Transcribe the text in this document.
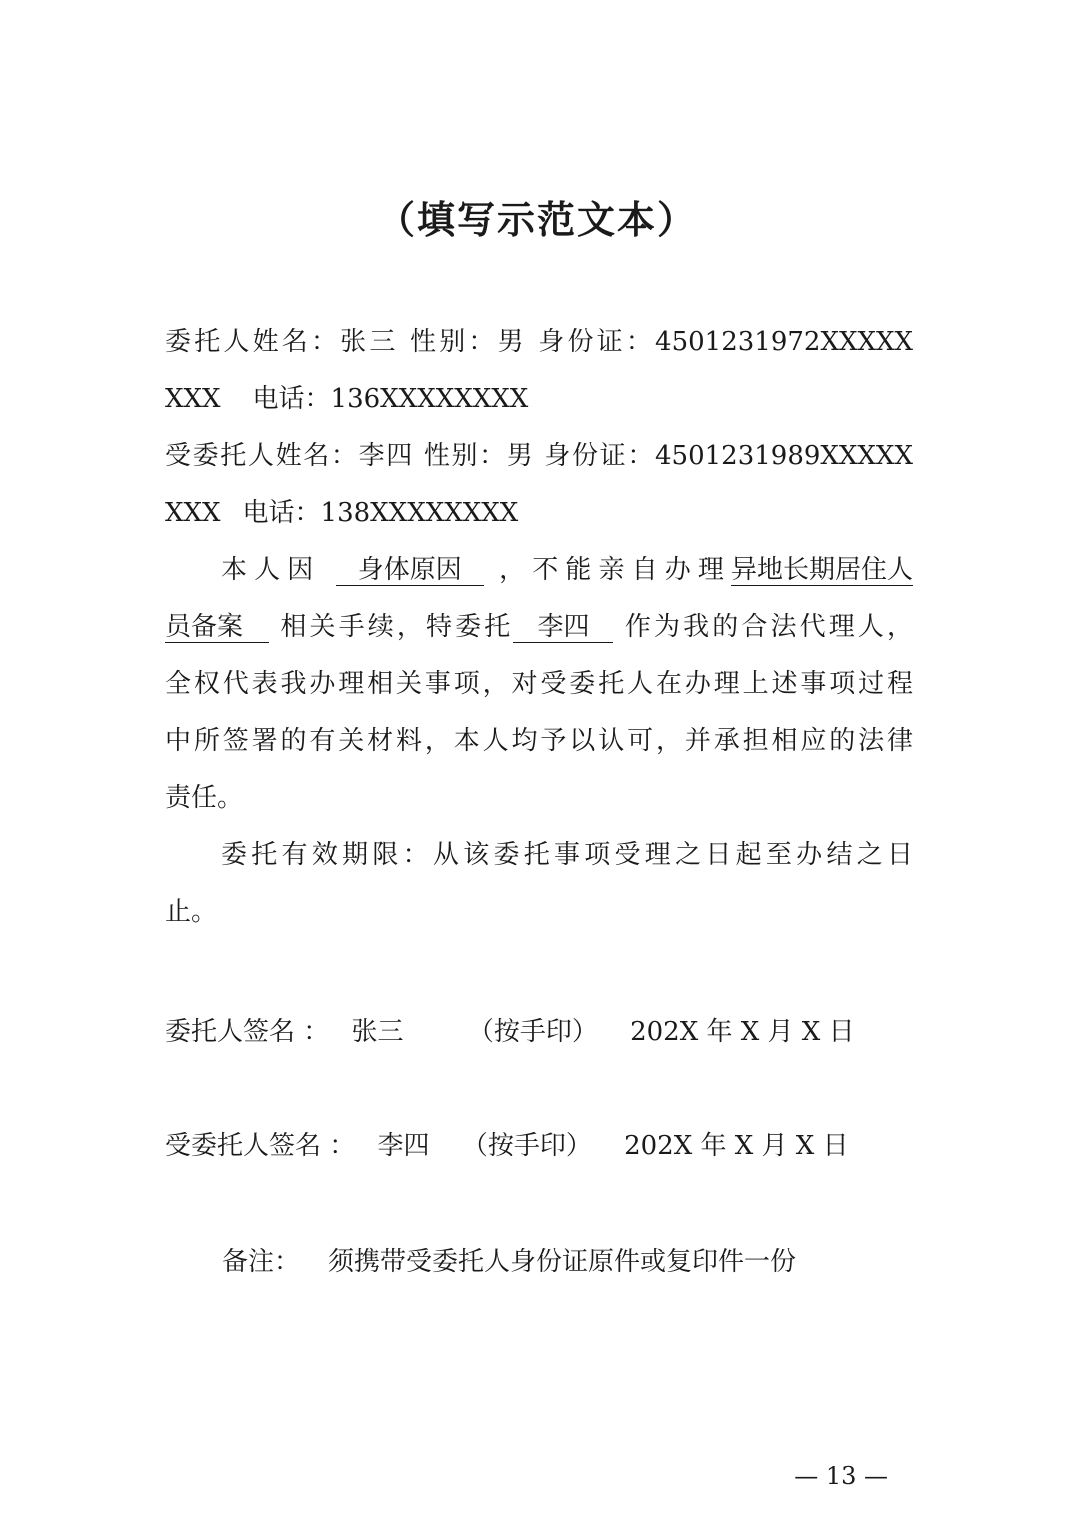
（填写示范文本）
委托人姓名：张三 性别：男 身份证：4501231972XXXXX
XXX 电话：136XXXXXXXX
受委托人姓名：李四 性别：男 身份证：4501231989XXXXX
XXX 电话：138XXXXXXXX
本人因 身体原因 ，不能亲自办理异地长期居住人
员备案 相关手续，特委托 李四 作为我的合法代理人，
全权代表我办理相关事项，对受委托人在办理上述事项过程
中所签署的有关材料，本人均予以认可，并承担相应的法律
责任。
委托有效期限：从该委托事项受理之日起至办结之日
止。
委托人签名 ： 张三 （按手印） 202X 年 X 月 X 日
受委托人签名 ： 李四 （按手印） 202X 年 X 月 X 日
备注： 须携带受委托人身份证原件或复印件一份
— 13 —
